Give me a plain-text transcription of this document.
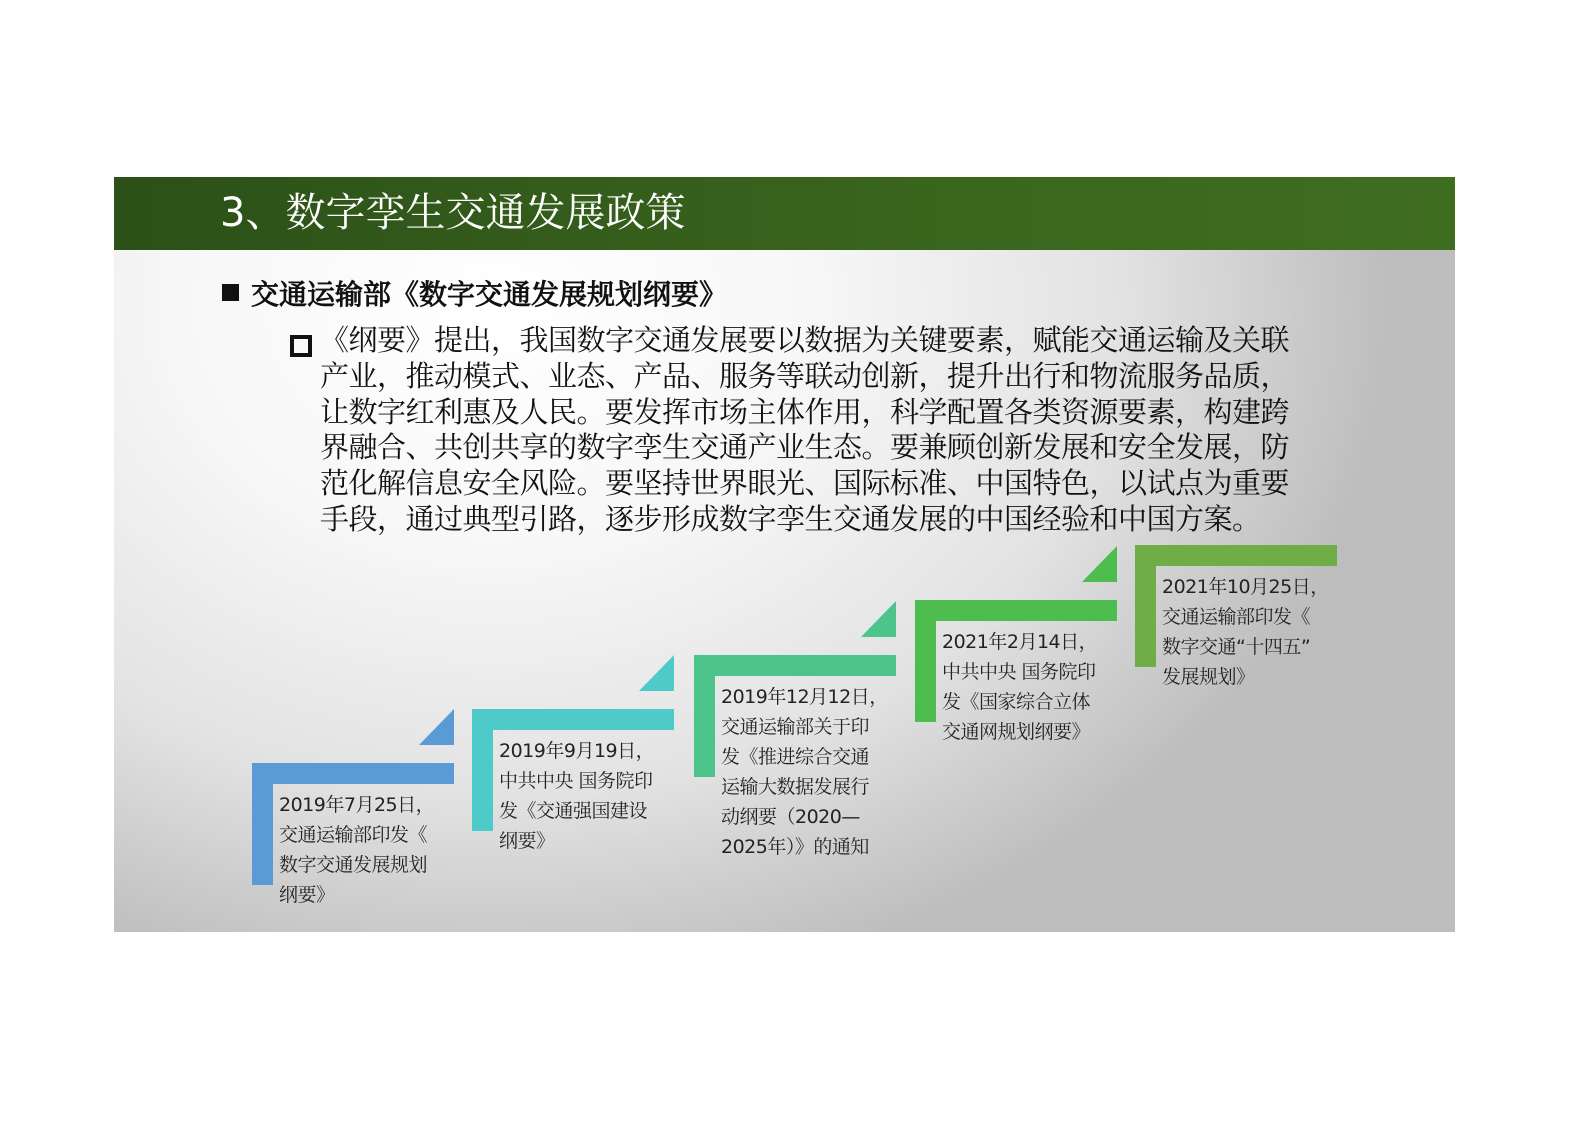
3、数字孪生交通发展政策
交通运输部《数字交通发展规划纲要》
《纲要》提出，我国数字交通发展要以数据为关键要素，赋能交通运输及关联
产业，推动模式、业态、产品、服务等联动创新，提升出行和物流服务品质，
让数字红利惠及人民。要发挥市场主体作用，科学配置各类资源要素，构建跨
界融合、共创共享的数字孪生交通产业生态。要兼顾创新发展和安全发展，防
范化解信息安全风险。要坚持世界眼光、国际标准、中国特色，以试点为重要
手段，通过典型引路，逐步形成数字孪生交通发展的中国经验和中国方案。
2019年7月25日，
交通运输部印发《
数字交通发展规划
纲要》
2019年9月19日，
中共中央 国务院印
发《交通强国建设
纲要》
2019年12月12日，
交通运输部关于印
发《推进综合交通
运输大数据发展行
动纲要（2020—
2025年）》的通知
2021年2月14日，
中共中央 国务院印
发《国家综合立体
交通网规划纲要》
2021年10月25日，
交通运输部印发《
数字交通“十四五”
发展规划》
